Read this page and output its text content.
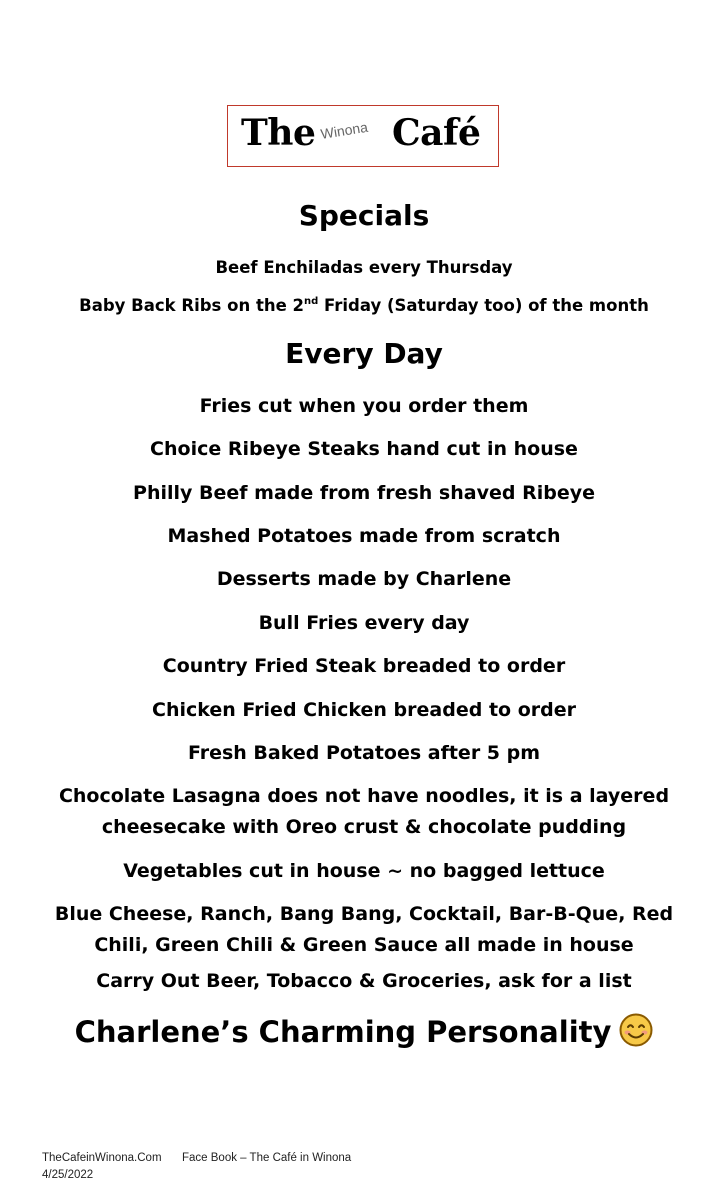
The Winona Café
Specials
Beef Enchiladas every Thursday
Baby Back Ribs on the 2nd Friday (Saturday too) of the month
Every Day
Fries cut when you order them
Choice Ribeye Steaks hand cut in house
Philly Beef made from fresh shaved Ribeye
Mashed Potatoes made from scratch
Desserts made by Charlene
Bull Fries every day
Country Fried Steak breaded to order
Chicken Fried Chicken breaded to order
Fresh Baked Potatoes after 5 pm
Chocolate Lasagna does not have noodles, it is a layered cheesecake with Oreo crust & chocolate pudding
Vegetables cut in house ~ no bagged lettuce
Blue Cheese, Ranch, Bang Bang, Cocktail, Bar-B-Que, Red Chili, Green Chili & Green Sauce all made in house
Carry Out Beer, Tobacco & Groceries, ask for a list
Charlene’s Charming Personality
TheCafeinWinona.Com Face Book – The Café in Winona
4/25/2022
